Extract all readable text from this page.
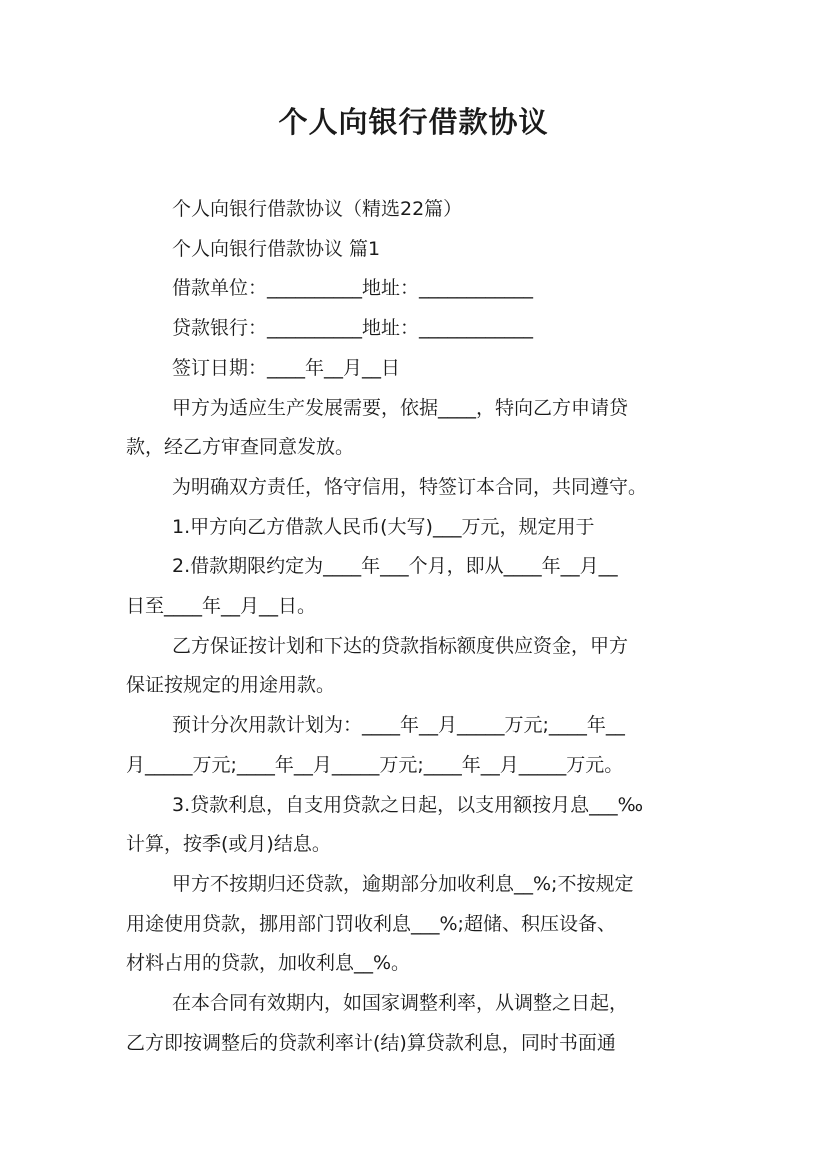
个人向银行借款协议

个人向银行借款协议（精选22篇）

个人向银行借款协议 篇1

借款单位：__________地址：____________

贷款银行：__________地址：____________

签订日期：____年__月__日

甲方为适应生产发展需要，依据____，特向乙方申请贷
款，经乙方审查同意发放。

为明确双方责任，恪守信用，特签订本合同，共同遵守。

1.甲方向乙方借款人民币(大写)___万元，规定用于

2.借款期限约定为____年___个月，即从____年__月__
日至____年__月__日。

乙方保证按计划和下达的贷款指标额度供应资金，甲方
保证按规定的用途用款。

预计分次用款计划为：____年__月_____万元;____年__
月_____万元;____年__月_____万元;____年__月_____万元。

3.贷款利息，自支用贷款之日起，以支用额按月息___‰
计算，按季(或月)结息。

甲方不按期归还贷款，逾期部分加收利息__%;不按规定
用途使用贷款，挪用部门罚收利息___%;超储、积压设备、
材料占用的贷款，加收利息__%。

在本合同有效期内，如国家调整利率，从调整之日起，
乙方即按调整后的贷款利率计(结)算贷款利息，同时书面通
